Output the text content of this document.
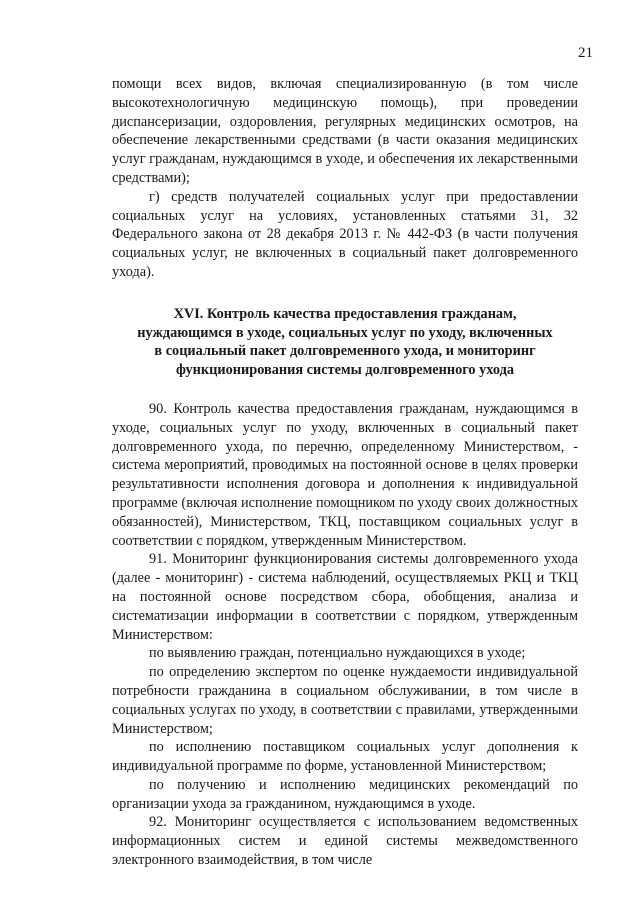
21

помощи всех видов, включая специализированную (в том числе высокотехнологичную медицинскую помощь), при проведении диспансеризации, оздоровления, регулярных медицинских осмотров, на обеспечение лекарственными средствами (в части оказания медицинских услуг гражданам, нуждающимся в уходе, и обеспечения их лекарственными средствами);

г) средств получателей социальных услуг при предоставлении социальных услуг на условиях, установленных статьями 31, 32 Федерального закона от 28 декабря 2013 г. № 442-ФЗ (в части получения социальных услуг, не включенных в социальный пакет долговременного ухода).

XVI. Контроль качества предоставления гражданам,
нуждающимся в уходе, социальных услуг по уходу, включенных
в социальный пакет долговременного ухода, и мониторинг
функционирования системы долговременного ухода

90. Контроль качества предоставления гражданам, нуждающимся в уходе, социальных услуг по уходу, включенных в социальный пакет долговременного ухода, по перечню, определенному Министерством, - система мероприятий, проводимых на постоянной основе в целях проверки результативности исполнения договора и дополнения к индивидуальной программе (включая исполнение помощником по уходу своих должностных обязанностей), Министерством, ТКЦ, поставщиком социальных услуг в соответствии с порядком, утвержденным Министерством.

91. Мониторинг функционирования системы долговременного ухода (далее - мониторинг) - система наблюдений, осуществляемых РКЦ и ТКЦ на постоянной основе посредством сбора, обобщения, анализа и систематизации информации в соответствии с порядком, утвержденным Министерством:

по выявлению граждан, потенциально нуждающихся в уходе;

по определению экспертом по оценке нуждаемости индивидуальной потребности гражданина в социальном обслуживании, в том числе в социальных услугах по уходу, в соответствии с правилами, утвержденными Министерством;

по исполнению поставщиком социальных услуг дополнения к индивидуальной программе по форме, установленной Министерством;

по получению и исполнению медицинских рекомендаций по организации ухода за гражданином, нуждающимся в уходе.

92. Мониторинг осуществляется с использованием ведомственных информационных систем и единой системы межведомственного электронного взаимодействия, в том числе
